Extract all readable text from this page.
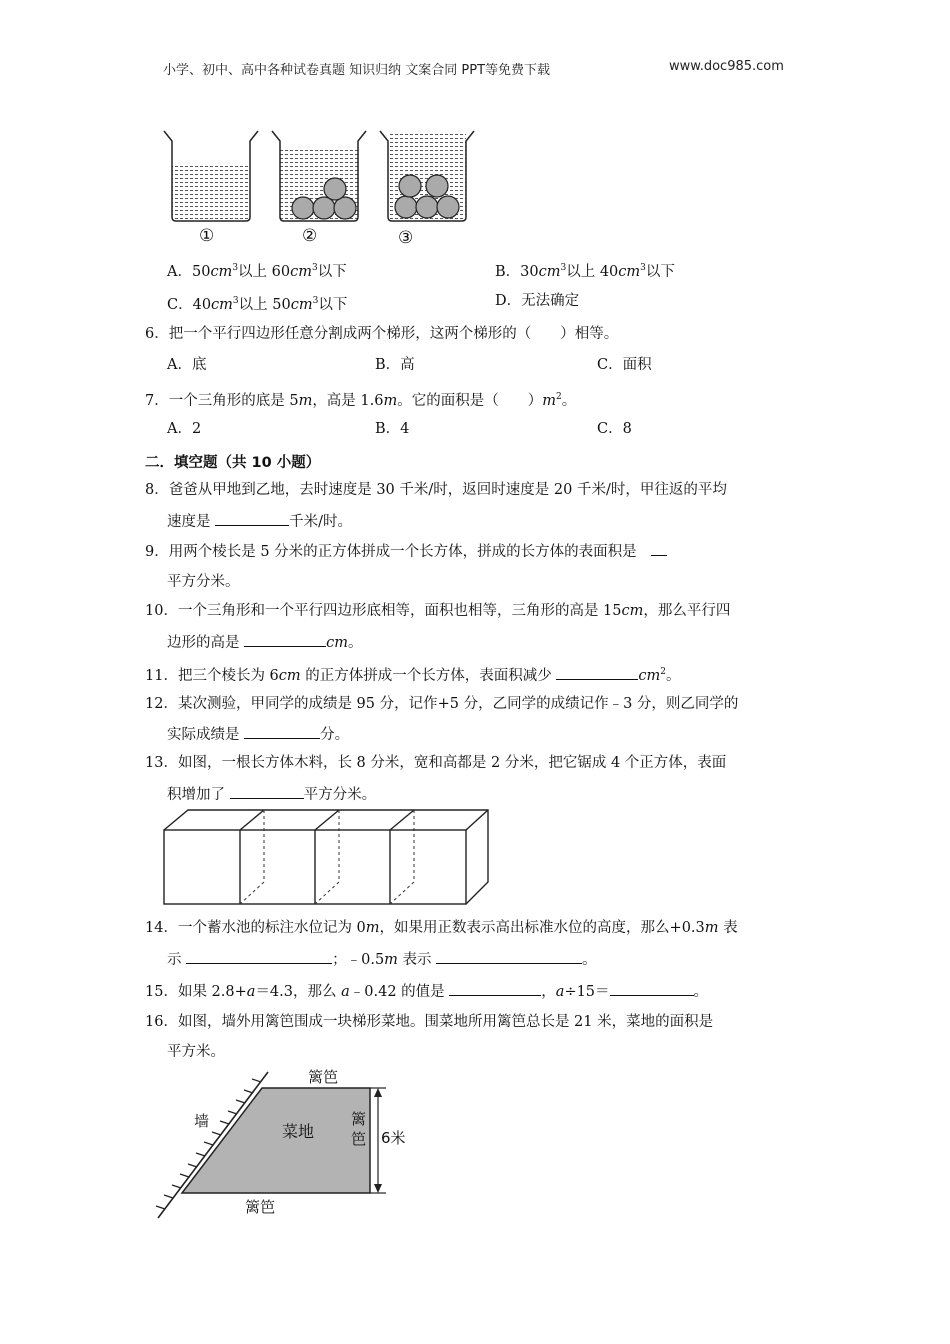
小学、初中、高中各种试卷真题 知识归纳 文案合同 PPT等免费下载	www.doc985.com
①	②	③
A．$50cm^3$以上 $60cm^3$以下	B．$30cm^3$以上 $40cm^3$以下
C．$40cm^3$以上 $50cm^3$以下	D．无法确定
6．把一个平行四边形任意分割成两个梯形，这两个梯形的（　　）相等。
A．底	B．高	C．面积
7．一个三角形的底是 5m，高是 1.6m。它的面积是（　　）$m^2$。
A．2	B．4	C．8
二．填空题（共 10 小题）
8．爸爸从甲地到乙地，去时速度是 30 千米/时，返回时速度是 20 千米/时，甲往返的平均
速度是	千米/时。
9．用两个棱长是 5 分米的正方体拼成一个长方体，拼成的长方体的表面积是
平方分米。
10．一个三角形和一个平行四边形底相等，面积也相等，三角形的高是 15cm，那么平行四
边形的高是	cm。
11．把三个棱长为 6cm 的正方体拼成一个长方体，表面积减少	$cm^2$。
12．某次测验，甲同学的成绩是 95 分，记作+5 分，乙同学的成绩记作﹣3 分，则乙同学的
实际成绩是	分。
13．如图，一根长方体木料，长 8 分米，宽和高都是 2 分米，把它锯成 4 个正方体，表面
积增加了	平方分米。
14．一个蓄水池的标注水位记为 0m，如果用正数表示高出标准水位的高度，那么+0.3m 表
示	；﹣0.5m 表示	。
15．如果 2.8+a＝4.3，那么 a﹣0.42 的值是	，a÷15＝	。
16．如图，墙外用篱笆围成一块梯形菜地。围菜地所用篱笆总长是 21 米，菜地的面积是
平方米。
篱笆
篱笆
墙
菜地
篱
笆 6米
